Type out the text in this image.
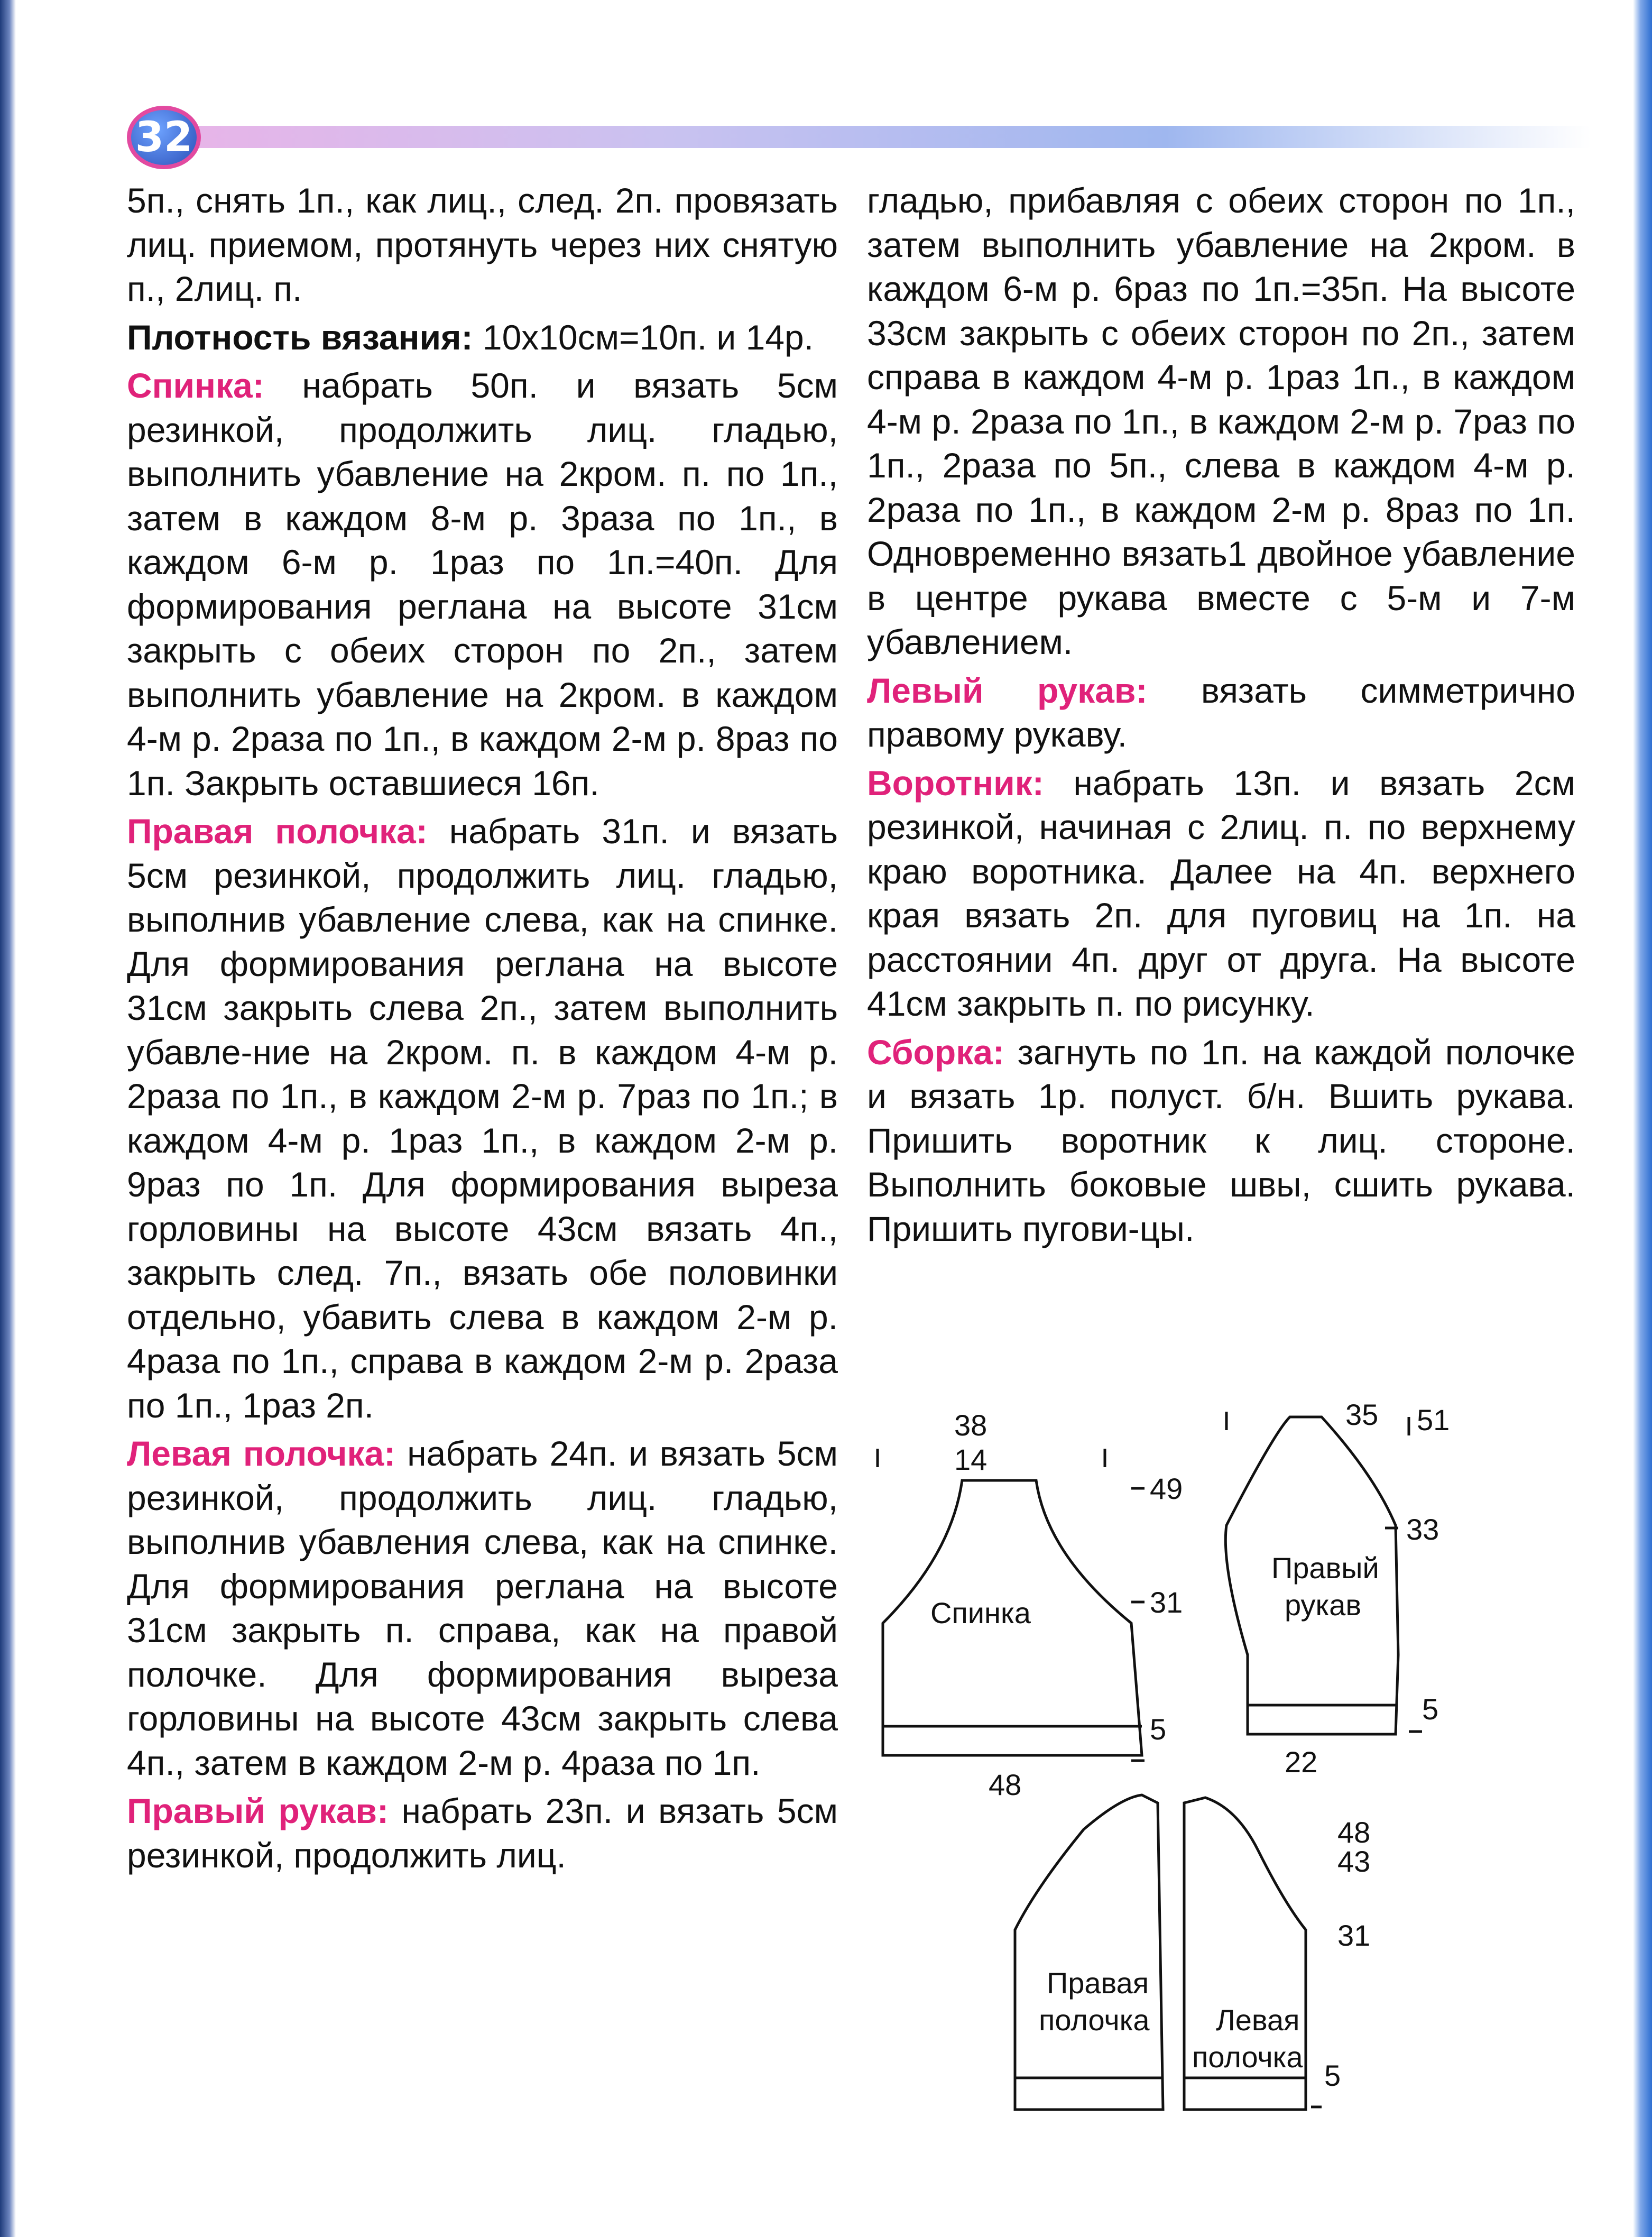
32

5п., снять 1п., как лиц., след. 2п. провязать лиц. приемом, протянуть через них снятую п., 2лиц. п.

Плотность вязания: 10х10см=10п. и 14р.

Спинка: набрать 50п. и вязать 5см резинкой, продолжить лиц. гладью, выполнить убавление на 2кром. п. по 1п., затем в каждом 8-м р. 3раза по 1п., в каждом 6-м р. 1раз по 1п.=40п. Для формирования реглана на высоте 31см закрыть с обеих сторон по 2п., затем выполнить убавление на 2кром. в каждом 4-м р. 2раза по 1п., в каждом 2-м р. 8раз по 1п. Закрыть оставшиеся 16п.

Правая полочка: набрать 31п. и вязать 5см резинкой, продолжить лиц. гладью, выполнив убавление слева, как на спинке. Для формирования реглана на высоте 31см закрыть слева 2п., затем выполнить убавле-ние на 2кром. п. в каждом 4-м р. 2раза по 1п., в каждом 2-м р. 7раз по 1п.; в каждом 4-м р. 1раз 1п., в каждом 2-м р. 9раз по 1п. Для формирования выреза горловины на высоте 43см вязать 4п., закрыть след. 7п., вязать обе половинки отдельно, убавить слева в каждом 2-м р. 4раза по 1п., справа в каждом 2-м р. 2раза по 1п., 1раз 2п.

Левая полочка: набрать 24п. и вязать 5см резинкой, продолжить лиц. гладью, выполнив убавления слева, как на спинке. Для формирования реглана на высоте 31см закрыть п. справа, как на правой полочке. Для формирования выреза горловины на высоте 43см закрыть слева 4п., затем в каждом 2-м р. 4раза по 1п.

Правый рукав: набрать 23п. и вязать 5см резинкой, продолжить лиц.

гладью, прибавляя с обеих сторон по 1п., затем выполнить убавление на 2кром. в каждом 6-м р. 6раз по 1п.=35п. На высоте 33см закрыть с обеих сторон по 2п., затем справа в каждом 4-м р. 1раз 1п., в каждом 4-м р. 2раза по 1п., в каждом 2-м р. 7раз по 1п., 2раза по 5п., слева в каждом 4-м р. 2раза по 1п., в каждом 2-м р. 8раз по 1п. Одновременно вязать1 двойное убавление в центре рукава вместе с 5-м и 7-м убавлением.

Левый рукав: вязать симметрично правому рукаву.

Воротник: набрать 13п. и вязать 2см резинкой, начиная с 2лиц. п. по верхнему краю воротника. Далее на 4п. верхнего края вязать 2п. для пуговиц на 1п. на расстоянии 4п. друг от друга. На высоте 41см закрыть п. по рисунку.

Сборка: загнуть по 1п. на каждой полочке и вязать 1р. полуст. б/н. Вшить рукава. Пришить воротник к лиц. стороне. Выполнить боковые швы, сшить рукава. Пришить пугови-цы.

38
14
49
31
5
48
Спинка
35 51
33
5
22
Правый
рукав
48
43
31
5
Правая
полочка Левая
полочка
